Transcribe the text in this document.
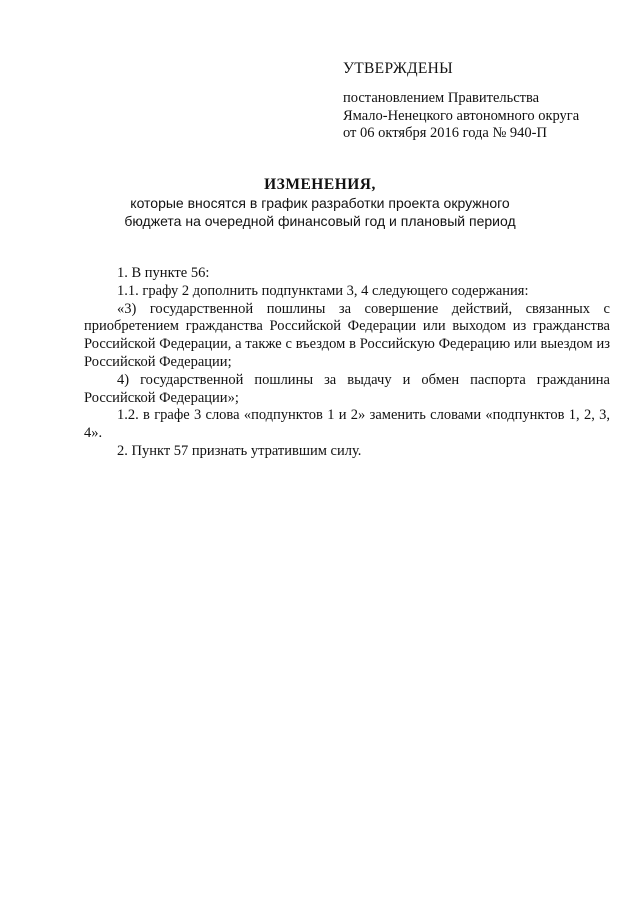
УТВЕРЖДЕНЫ
постановлением Правительства
Ямало-Ненецкого автономного округа
от 06 октября 2016 года № 940-П
ИЗМЕНЕНИЯ,
которые вносятся в график разработки проекта окружного
бюджета на очередной финансовый год и плановый период

1. В пункте 56:

1.1. графу 2 дополнить подпунктами 3, 4 следующего содержания:

«3) государственной пошлины за совершение действий, связанных с приобретением гражданства Российской Федерации или выходом из гражданства Российской Федерации, а также с въездом в Российскую Федерацию или выездом из Российской Федерации;

4) государственной пошлины за выдачу и обмен паспорта гражданина Российской Федерации»;

1.2. в графе 3 слова «подпунктов 1 и 2» заменить словами «подпунктов 1, 2, 3, 4».

2. Пункт 57 признать утратившим силу.
